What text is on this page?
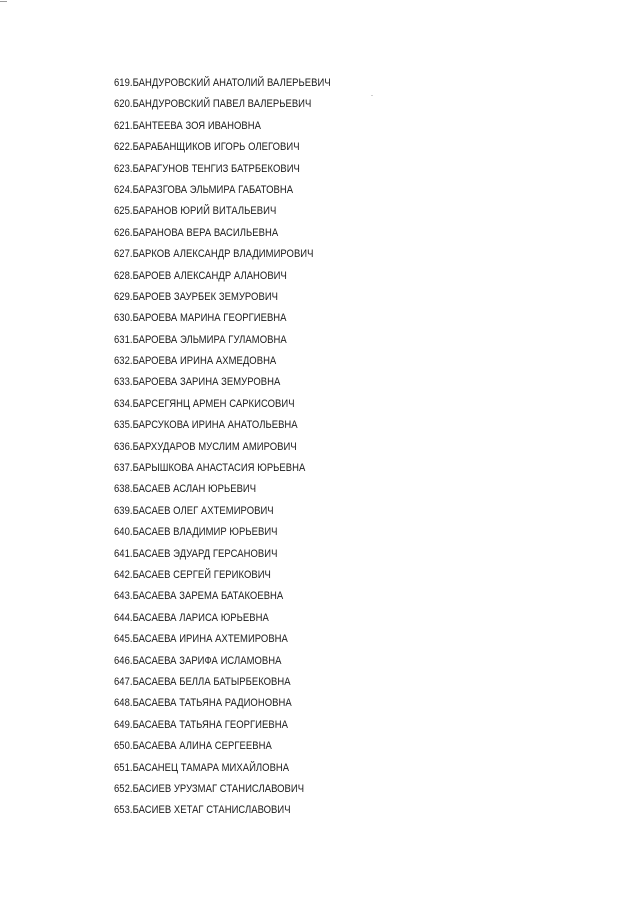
619.БАНДУРОВСКИЙ АНАТОЛИЙ ВАЛЕРЬЕВИЧ
620.БАНДУРОВСКИЙ ПАВЕЛ ВАЛЕРЬЕВИЧ
621.БАНТЕЕВА ЗОЯ ИВАНОВНА
622.БАРАБАНЩИКОВ ИГОРЬ ОЛЕГОВИЧ
623.БАРАГУНОВ ТЕНГИЗ БАТРБЕКОВИЧ
624.БАРАЗГОВА ЭЛЬМИРА ГАБАТОВНА
625.БАРАНОВ ЮРИЙ ВИТАЛЬЕВИЧ
626.БАРАНОВА ВЕРА ВАСИЛЬЕВНА
627.БАРКОВ АЛЕКСАНДР ВЛАДИМИРОВИЧ
628.БАРОЕВ АЛЕКСАНДР АЛАНОВИЧ
629.БАРОЕВ ЗАУРБЕК ЗЕМУРОВИЧ
630.БАРОЕВА МАРИНА ГЕОРГИЕВНА
631.БАРОЕВА ЭЛЬМИРА ГУЛАМОВНА
632.БАРОЕВА ИРИНА АХМЕДОВНА
633.БАРОЕВА ЗАРИНА ЗЕМУРОВНА
634.БАРСЕГЯНЦ АРМЕН САРКИСОВИЧ
635.БАРСУКОВА ИРИНА АНАТОЛЬЕВНА
636.БАРХУДАРОВ МУСЛИМ АМИРОВИЧ
637.БАРЫШКОВА АНАСТАСИЯ ЮРЬЕВНА
638.БАСАЕВ АСЛАН ЮРЬЕВИЧ
639.БАСАЕВ ОЛЕГ АХТЕМИРОВИЧ
640.БАСАЕВ ВЛАДИМИР ЮРЬЕВИЧ
641.БАСАЕВ ЭДУАРД ГЕРСАНОВИЧ
642.БАСАЕВ СЕРГЕЙ ГЕРИКОВИЧ
643.БАСАЕВА ЗАРЕМА БАТАКОЕВНА
644.БАСАЕВА ЛАРИСА ЮРЬЕВНА
645.БАСАЕВА ИРИНА АХТЕМИРОВНА
646.БАСАЕВА ЗАРИФА ИСЛАМОВНА
647.БАСАЕВА БЕЛЛА БАТЫРБЕКОВНА
648.БАСАЕВА ТАТЬЯНА РАДИОНОВНА
649.БАСАЕВА ТАТЬЯНА ГЕОРГИЕВНА
650.БАСАЕВА АЛИНА СЕРГЕЕВНА
651.БАСАНЕЦ ТАМАРА МИХАЙЛОВНА
652.БАСИЕВ УРУЗМАГ СТАНИСЛАВОВИЧ
653.БАСИЕВ ХЕТАГ СТАНИСЛАВОВИЧ
